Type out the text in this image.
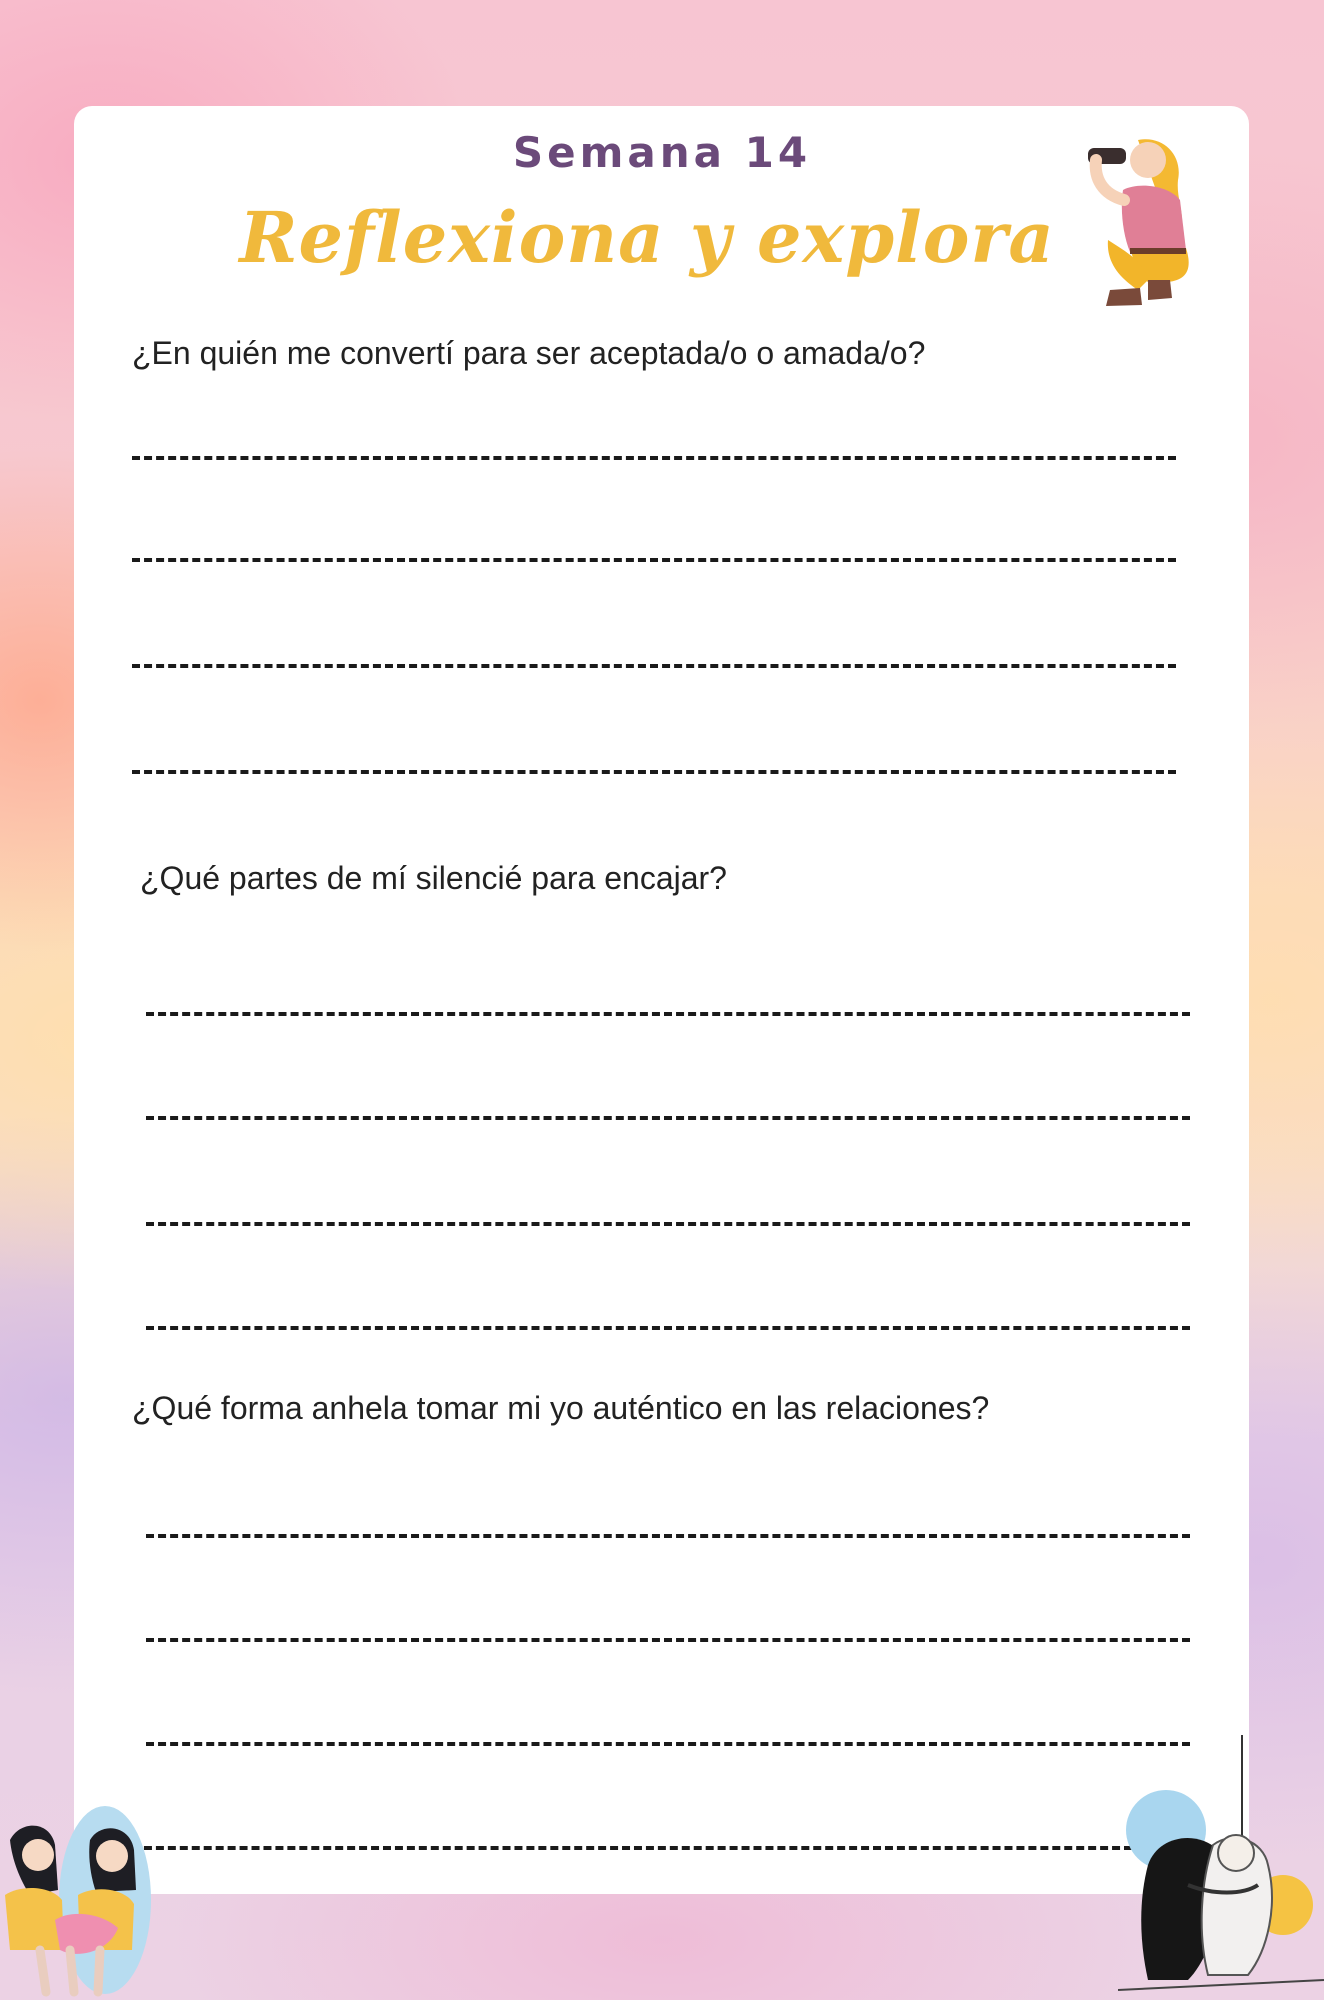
Semana 14
Reflexiona y explora

¿En quién me convertí para ser aceptada/o o amada/o?

¿Qué partes de mí silencié para encajar?

¿Qué forma anhela tomar mi yo auténtico en las relaciones?
